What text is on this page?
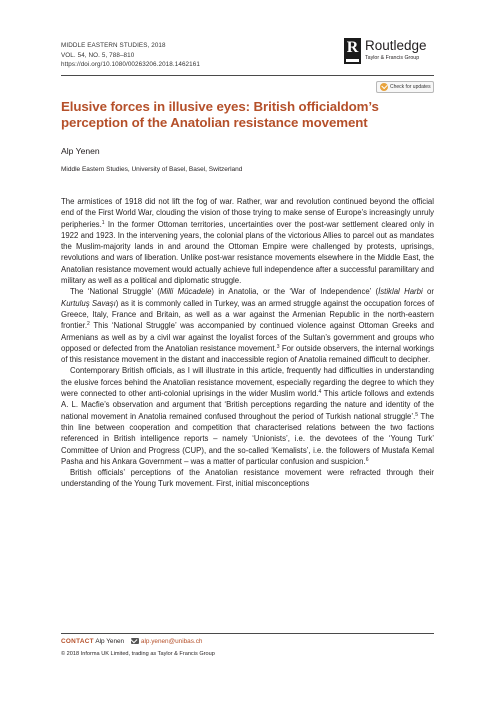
MIDDLE EASTERN STUDIES, 2018
VOL. 54, NO. 5, 788–810
https://doi.org/10.1080/00263206.2018.1462161
R Routledge
Taylor & Francis Group
Check for updates
Elusive forces in illusive eyes: British officialdom’s perception of the Anatolian resistance movement
Alp Yenen
Middle Eastern Studies, University of Basel, Basel, Switzerland

The armistices of 1918 did not lift the fog of war. Rather, war and revolution continued beyond the official end of the First World War, clouding the vision of those trying to make sense of Europe’s increasingly unruly peripheries.$^1$ In the former Ottoman territories, uncertainties over the post-war settlement cleared only in 1922 and 1923. In the intervening years, the colonial plans of the victorious Allies to parcel out as mandates the Muslim-majority lands in and around the Ottoman Empire were challenged by protests, uprisings, revolutions and wars of liberation. Unlike post-war resistance movements elsewhere in the Middle East, the Anatolian resistance movement would actually achieve full independence after a successful paramilitary and military as well as a political and diplomatic struggle.

The ‘National Struggle’ (Milli Mücadele) in Anatolia, or the ‘War of Independence’ (İstiklal Harbi or Kurtuluş Savaşı) as it is commonly called in Turkey, was an armed struggle against the occupation forces of Greece, Italy, France and Britain, as well as a war against the Armenian Republic in the north-eastern frontier.$^2$ This ‘National Struggle’ was accompanied by continued violence against Ottoman Greeks and Armenians as well as by a civil war against the loyalist forces of the Sultan’s government and groups who opposed or defected from the Anatolian resistance movement.$^3$ For outside observers, the internal workings of this resistance movement in the distant and inaccessible region of Anatolia remained difficult to decipher.

Contemporary British officials, as I will illustrate in this article, frequently had difficulties in understanding the elusive forces behind the Anatolian resistance movement, especially regarding the degree to which they were connected to other anti-colonial uprisings in the wider Muslim world.$^4$ This article follows and extends A. L. Macfie’s observation and argument that ‘British perceptions regarding the nature and identity of the national movement in Anatolia remained confused throughout the period of Turkish national struggle’.$^5$ The thin line between cooperation and competition that characterised relations between the two factions referenced in British intelligence reports – namely ‘Unionists’, i.e. the devotees of the ‘Young Turk’ Committee of Union and Progress (CUP), and the so-called ‘Kemalists’, i.e. the followers of Mustafa Kemal Pasha and his Ankara Government – was a matter of particular confusion and suspicion.$^6$

British officials’ perceptions of the Anatolian resistance movement were refracted through their understanding of the Young Turk movement. First, initial misconceptions

CONTACT Alp Yenen	alp.yenen@unibas.ch
© 2018 Informa UK Limited, trading as Taylor & Francis Group
